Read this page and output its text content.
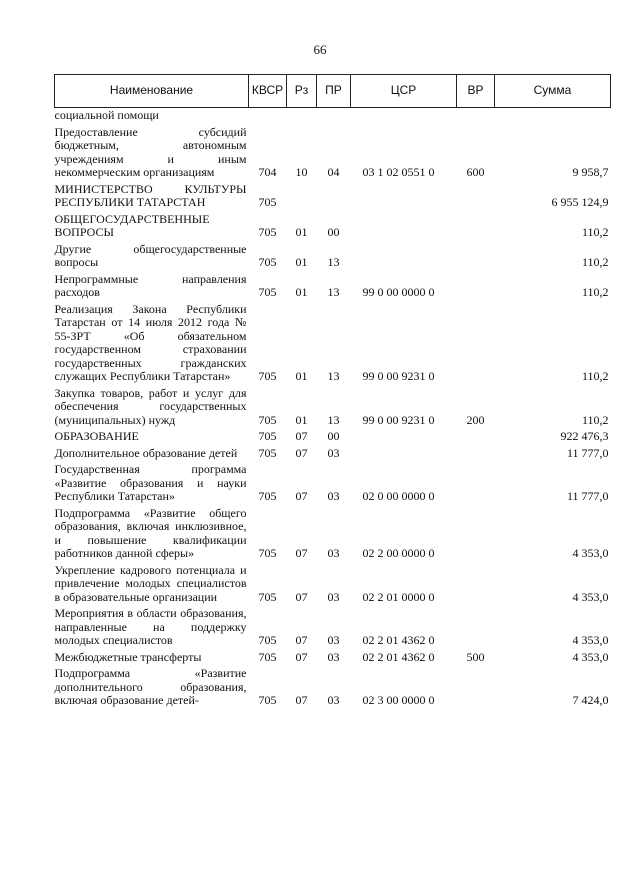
66
Наименование	КВСР	Рз	ПР	ЦСР	ВР	Сумма
социальной помощи						
Предоставление субсидий бюджетным, автономным учреждениям и иным некоммерческим организациям	704	10	04	03 1 02 0551 0	600	9 958,7
МИНИСТЕРСТВО КУЛЬТУРЫ РЕСПУБЛИКИ ТАТАРСТАН	705					6 955 124,9
ОБЩЕГОСУДАРСТВЕННЫЕ ВОПРОСЫ	705	01	00			110,2
Другие общегосударственные вопросы	705	01	13			110,2
Непрограммные направления расходов	705	01	13	99 0 00 0000 0		110,2
Реализация Закона Республики Татарстан от 14 июля 2012 года № 55-ЗРТ «Об обязательном государственном страховании государственных гражданских служащих Республики Татарстан»	705	01	13	99 0 00 9231 0		110,2
Закупка товаров, работ и услуг для обеспечения государственных (муниципальных) нужд	705	01	13	99 0 00 9231 0	200	110,2
ОБРАЗОВАНИЕ	705	07	00			922 476,3
Дополнительное образование детей	705	07	03			11 777,0
Государственная программа «Развитие образования и науки Республики Татарстан»	705	07	03	02 0 00 0000 0		11 777,0
Подпрограмма «Развитие общего образования, включая инклюзивное, и повышение квалификации работников данной сферы»	705	07	03	02 2 00 0000 0		4 353,0
Укрепление кадрового потенциала и привлечение молодых специалистов в образовательные организации	705	07	03	02 2 01 0000 0		4 353,0
Мероприятия в области образования, направленные на поддержку молодых специалистов	705	07	03	02 2 01 4362 0		4 353,0
Межбюджетные трансферты	705	07	03	02 2 01 4362 0	500	4 353,0
Подпрограмма «Развитие дополнительного образования, включая образование детей-	705	07	03	02 3 00 0000 0		7 424,0
